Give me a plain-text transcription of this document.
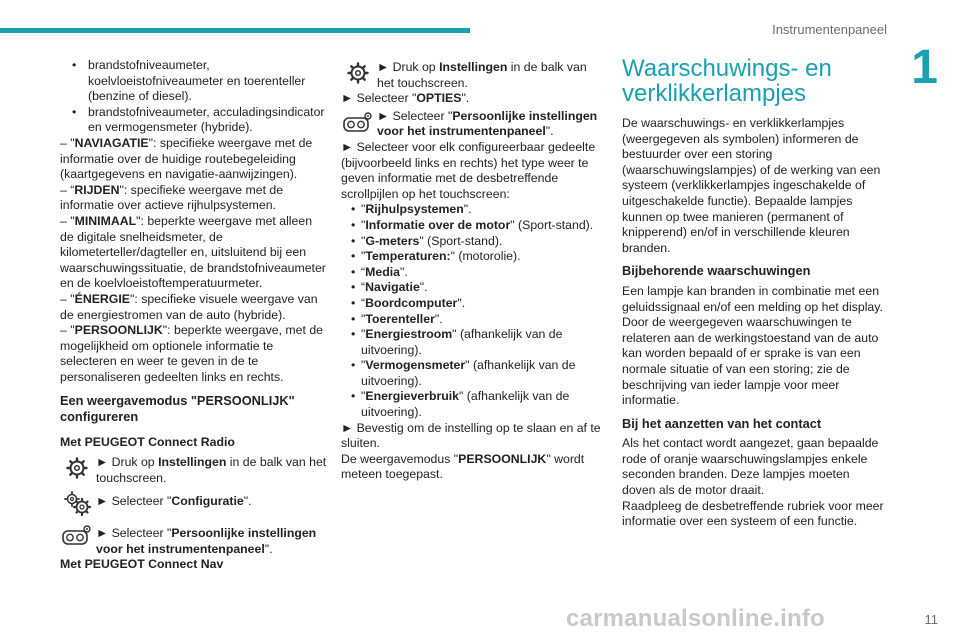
Instrumentenpaneel
1

• brandstofniveaumeter, koelvloeistofniveaumeter en toerenteller (benzine of diesel).

• brandstofniveaumeter, acculadingsindicator en vermogensmeter (hybride).

– "NAVIAGATIE": specifieke weergave met de informatie over de huidige routebegeleiding (kaartgegevens en navigatie-aanwijzingen).

– “RIJDEN": specifieke weergave met de informatie over actieve rijhulpsystemen.

– "MINIMAAL": beperkte weergave met alleen de digitale snelheidsmeter, de kilometerteller/dagteller en, uitsluitend bij een waarschuwingssituatie, de brandstofniveaumeter en de koelvloeistoftemperatuurmeter.

– "ÉNERGIE": specifieke visuele weergave van de energiestromen van de auto (hybride).

– "PERSOONLIJK": beperkte weergave, met de mogelijkheid om optionele informatie te selecteren en weer te geven in de te personaliseren gedeelten links en rechts.

Een weergavemodus "PERSOONLIJK" configureren

Met PEUGEOT Connect Radio

► Druk op Instellingen in de balk van het touchscreen.

► Selecteer "Configuratie".

► Selecteer "Persoonlijke instellingen voor het instrumentenpaneel".

Met PEUGEOT Connect Nav

► Druk op Instellingen in de balk van het touchscreen.

► Selecteer "OPTIES".

► Selecteer "Persoonlijke instellingen voor het instrumentenpaneel".

► Selecteer voor elk configureerbaar gedeelte (bijvoorbeeld links en rechts) het type weer te geven informatie met de desbetreffende scrollpijlen op het touchscreen:

• "Rijhulpsystemen".

• "Informatie over de motor" (Sport-stand).

• "G-meters" (Sport-stand).

• "Temperaturen:" (motorolie).

• “Media".

• “Navigatie".

• “Boordcomputer".

• "Toerenteller".

• "Energiestroom" (afhankelijk van de uitvoering).

• "Vermogensmeter" (afhankelijk van de uitvoering).

• "Energieverbruik" (afhankelijk van de uitvoering).

► Bevestig om de instelling op te slaan en af te sluiten.

De weergavemodus "PERSOONLIJK" wordt meteen toegepast.

Waarschuwings- en verklikkerlampjes

De waarschuwings- en verklikkerlampjes (weergegeven als symbolen) informeren de bestuurder over een storing (waarschuwingslampjes) of de werking van een systeem (verklikkerlampjes ingeschakelde of uitgeschakelde functie). Bepaalde lampjes kunnen op twee manieren (permanent of knipperend) en/of in verschillende kleuren branden.

Bijbehorende waarschuwingen

Een lampje kan branden in combinatie met een geluidssignaal en/of een melding op het display. Door de weergegeven waarschuwingen te relateren aan de werkingstoestand van de auto kan worden bepaald of er sprake is van een normale situatie of van een storing; zie de beschrijving van ieder lampje voor meer informatie.

Bij het aanzetten van het contact

Als het contact wordt aangezet, gaan bepaalde rode of oranje waarschuwingslampjes enkele seconden branden. Deze lampjes moeten doven als de motor draait.

Raadpleeg de desbetreffende rubriek voor meer informatie over een systeem of een functie.

carmanualsonline.info	11
